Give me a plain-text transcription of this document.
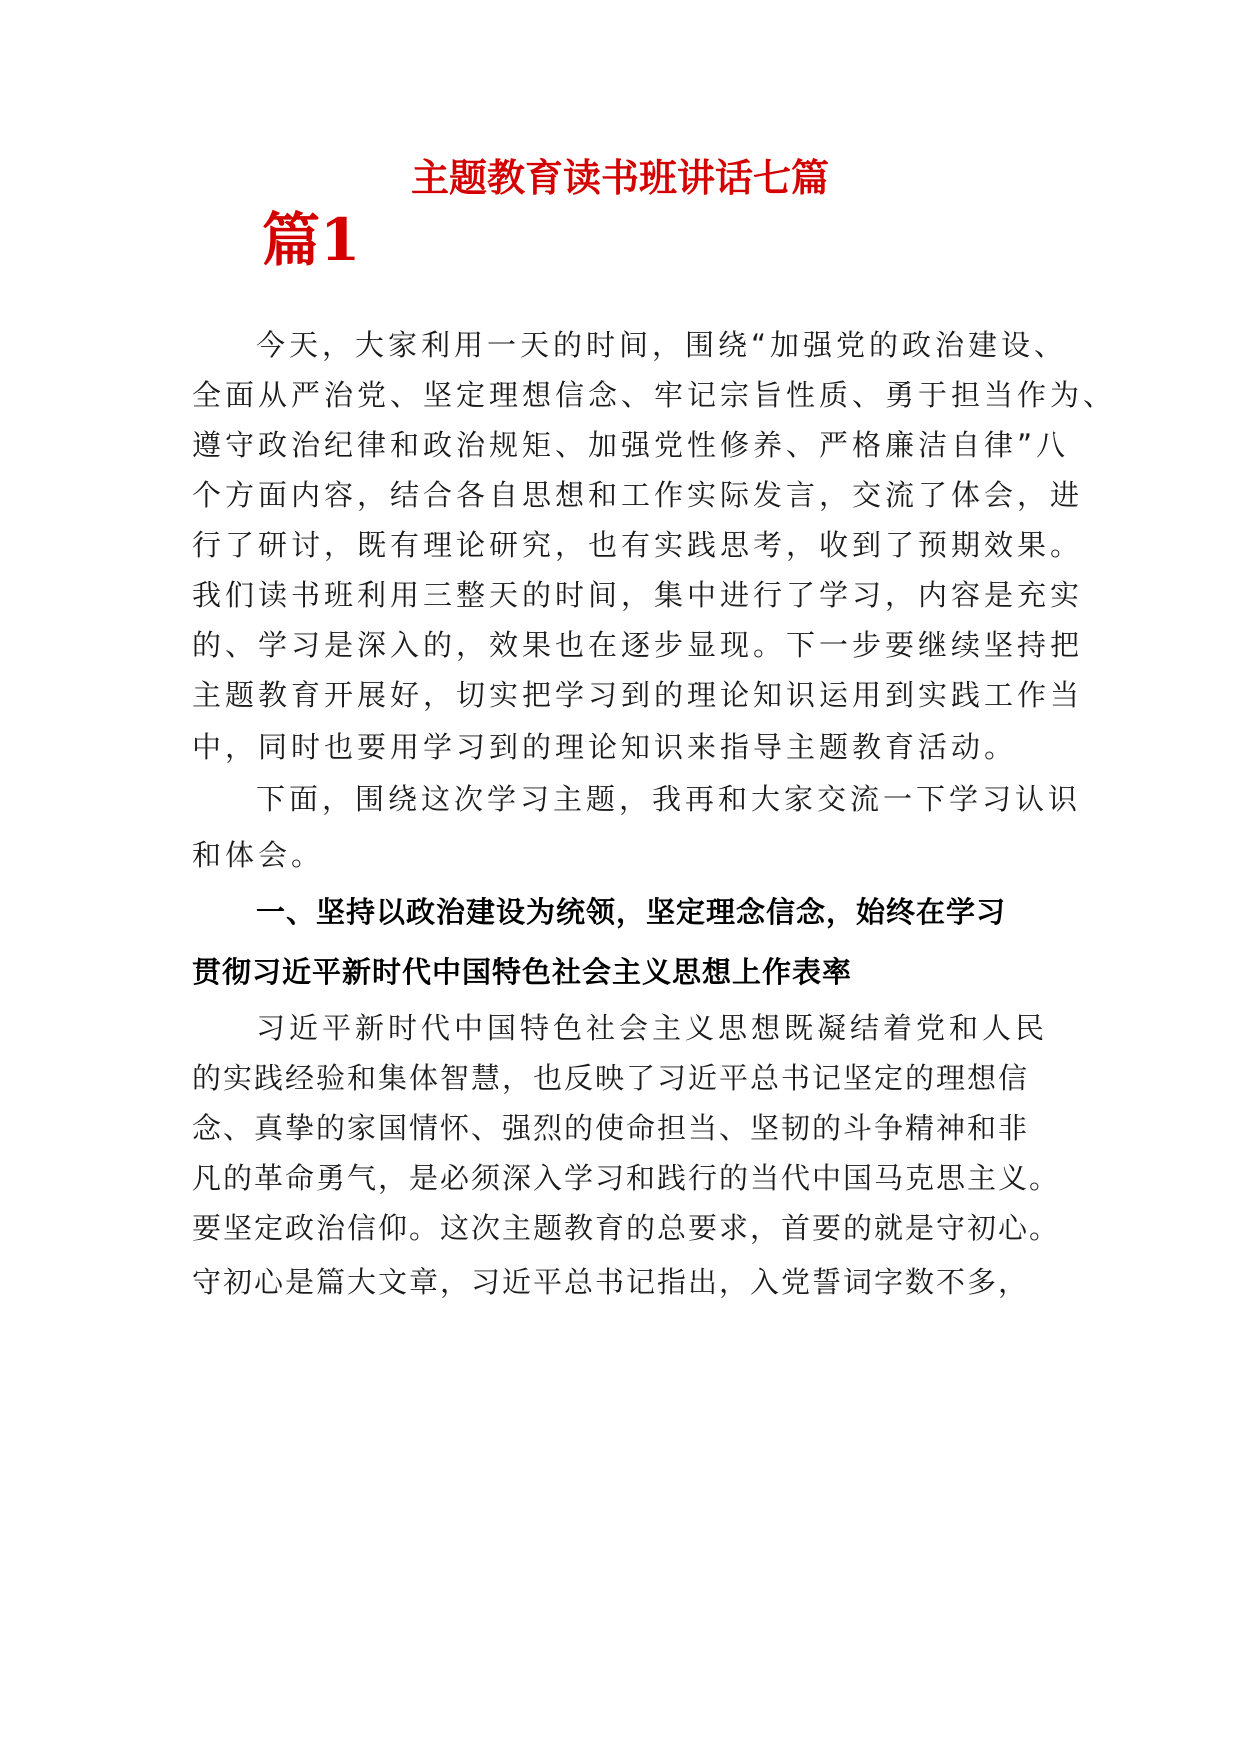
主题教育读书班讲话七篇
篇1
今天，大家利用一天的时间，围绕“加强党的政治建设、
全面从严治党、坚定理想信念、牢记宗旨性质、勇于担当作为、
遵守政治纪律和政治规矩、加强党性修养、严格廉洁自律”八
个方面内容，结合各自思想和工作实际发言，交流了体会，进
行了研讨，既有理论研究，也有实践思考，收到了预期效果。
我们读书班利用三整天的时间，集中进行了学习，内容是充实
的、学习是深入的，效果也在逐步显现。下一步要继续坚持把
主题教育开展好，切实把学习到的理论知识运用到实践工作当
中，同时也要用学习到的理论知识来指导主题教育活动。
下面，围绕这次学习主题，我再和大家交流一下学习认识
和体会。
一、坚持以政治建设为统领，坚定理念信念，始终在学习
贯彻习近平新时代中国特色社会主义思想上作表率
习近平新时代中国特色社会主义思想既凝结着党和人民
的实践经验和集体智慧，也反映了习近平总书记坚定的理想信
念、真挚的家国情怀、强烈的使命担当、坚韧的斗争精神和非
凡的革命勇气，是必须深入学习和践行的当代中国马克思主义。
要坚定政治信仰。这次主题教育的总要求，首要的就是守初心。
守初心是篇大文章，习近平总书记指出，入党誓词字数不多，
